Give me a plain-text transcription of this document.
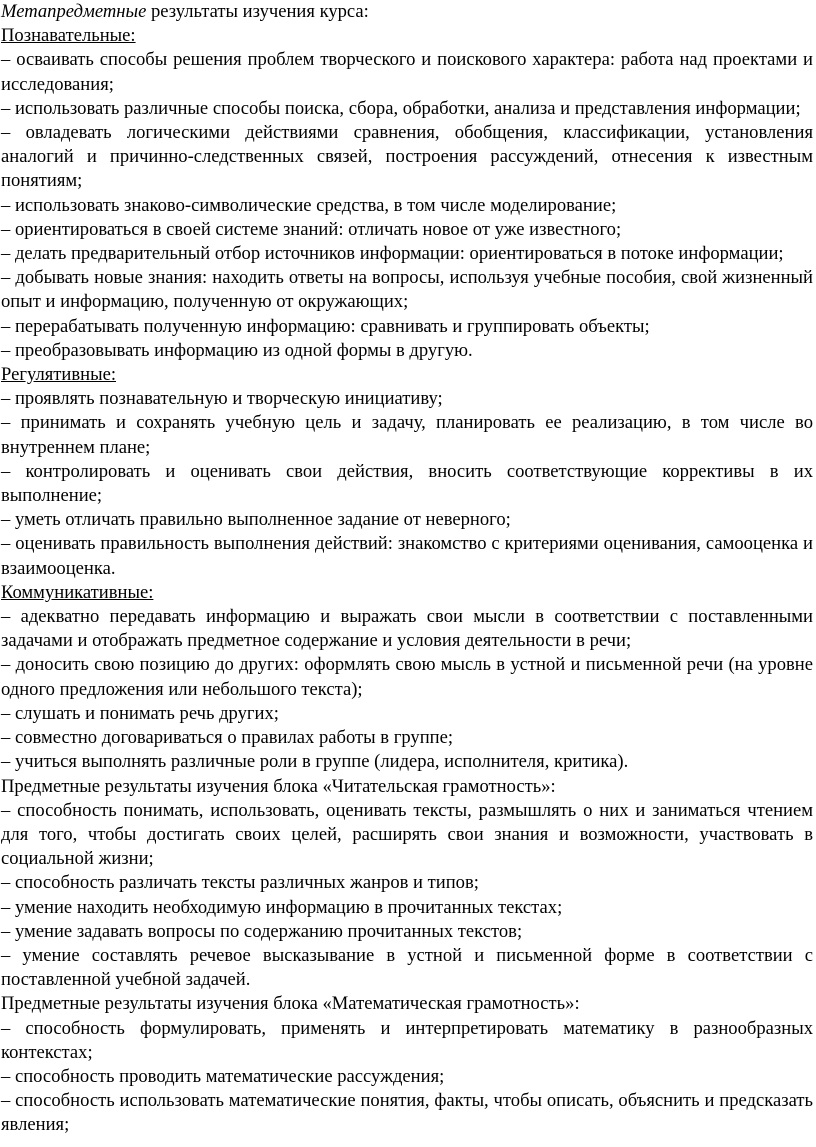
Метапредметные результаты изучения курса:

Познавательные:

– осваивать способы решения проблем творческого и поискового характера: работа над проектами и исследования;

– использовать различные способы поиска, сбора, обработки, анализа и представления информации;

– овладевать логическими действиями сравнения, обобщения, классификации, установления аналогий и причинно-следственных связей, построения рассуждений, отнесения к известным понятиям;

– использовать знаково-символические средства, в том числе моделирование;

– ориентироваться в своей системе знаний: отличать новое от уже известного;

– делать предварительный отбор источников информации: ориентироваться в потоке информации;

– добывать новые знания: находить ответы на вопросы, используя учебные пособия, свой жизненный опыт и информацию, полученную от окружающих;

– перерабатывать полученную информацию: сравнивать и группировать объекты;

– преобразовывать информацию из одной формы в другую.

Регулятивные:

– проявлять познавательную и творческую инициативу;

– принимать и сохранять учебную цель и задачу, планировать ее реализацию, в том числе во внутреннем плане;

– контролировать и оценивать свои действия, вносить соответствующие коррективы в их выполнение;

– уметь отличать правильно выполненное задание от неверного;

– оценивать правильность выполнения действий: знакомство с критериями оценивания, самооценка и взаимооценка.

Коммуникативные:

– адекватно передавать информацию и выражать свои мысли в соответствии с поставленными задачами и отображать предметное содержание и условия деятельности в речи;

– доносить свою позицию до других: оформлять свою мысль в устной и письменной речи (на уровне одного предложения или небольшого текста);

– слушать и понимать речь других;

– совместно договариваться о правилах работы в группе;

– учиться выполнять различные роли в группе (лидера, исполнителя, критика).

Предметные результаты изучения блока «Читательская грамотность»:

– способность понимать, использовать, оценивать тексты, размышлять о них и заниматься чтением для того, чтобы достигать своих целей, расширять свои знания и возможности, участвовать в социальной жизни;

– способность различать тексты различных жанров и типов;

– умение находить необходимую информацию в прочитанных текстах;

– умение задавать вопросы по содержанию прочитанных текстов;

– умение составлять речевое высказывание в устной и письменной форме в соответствии с поставленной учебной задачей.

Предметные результаты изучения блока «Математическая грамотность»:

– способность формулировать, применять и интерпретировать математику в разнообразных контекстах;

– способность проводить математические рассуждения;

– способность использовать математические понятия, факты, чтобы описать, объяснить и предсказать явления;
